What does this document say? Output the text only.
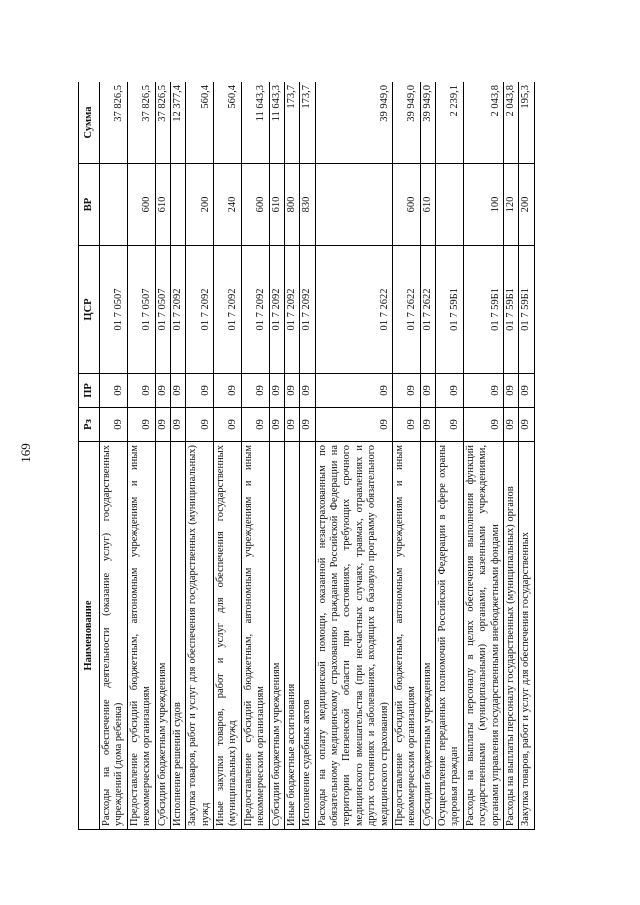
169
Наименование	Рз	ПР	ЦСР	ВР	Сумма
Расходы на обеспечение деятельности (оказание услуг) государственных учреждений (дома ребенка)	09	09	01 7 0507		37 826,5
Предоставление субсидий бюджетным, автономным учреждениям и иным некоммерческим организациям	09	09	01 7 0507	600	37 826,5
Субсидии бюджетным учреждениям	09	09	01 7 0507	610	37 826,5
Исполнение решений судов	09	09	01 7 2092		12 377,4
Закупка товаров, работ и услуг для обеспечения государственных (муниципальных) нужд	09	09	01 7 2092	200	560,4
Иные закупки товаров, работ и услуг для обеспечения государственных (муниципальных) нужд	09	09	01 7 2092	240	560,4
Предоставление субсидий бюджетным, автономным учреждениям и иным некоммерческим организациям	09	09	01 7 2092	600	11 643,3
Субсидии бюджетным учреждениям	09	09	01 7 2092	610	11 643,3
Иные бюджетные ассигнования	09	09	01 7 2092	800	173,7
Исполнение судебных актов	09	09	01 7 2092	830	173,7
Расходы на оплату медицинской помощи, оказанной незастрахованным по обязательному медицинскому страхованию гражданам Российской Федерации на территории Пензенской области при состояниях, требующих срочного медицинского вмешательства (при несчастных случаях, травмах, отравлениях и других состояниях и заболеваниях, входящих в базовую программу обязательного медицинского страхования)	09	09	01 7 2622		39 949,0
Предоставление субсидий бюджетным, автономным учреждениям и иным некоммерческим организациям	09	09	01 7 2622	600	39 949,0
Субсидии бюджетным учреждениям	09	09	01 7 2622	610	39 949,0
Осуществление переданных полномочий Российской Федерации в сфере охраны здоровья граждан	09	09	01 7 59Б1		2 239,1
Расходы на выплаты персоналу в целях обеспечения выполнения функций государственными (муниципальными) органами, казенными учреждениями, органами управления государственными внебюджетными фондами	09	09	01 7 59Б1	100	2 043,8
Расходы на выплаты персоналу государственных (муниципальных) органов	09	09	01 7 59Б1	120	2 043,8
Закупка товаров, работ и услуг для обеспечения государственных	09	09	01 7 59Б1	200	195,3
